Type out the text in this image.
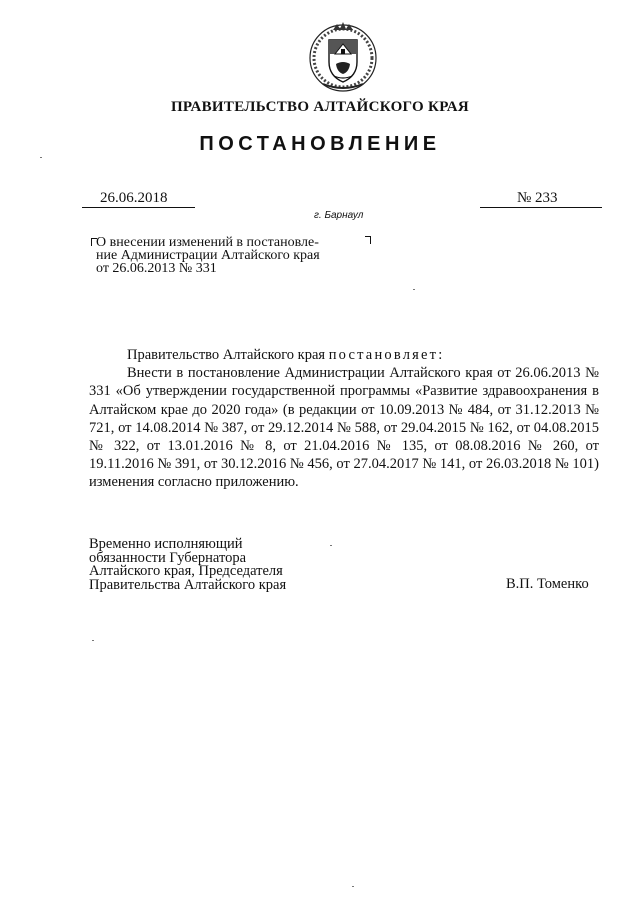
ПРАВИТЕЛЬСТВО АЛТАЙСКОГО КРАЯ
ПОСТАНОВЛЕНИЕ
26.06.2018	№ 233
г. Барнаул
О внесении изменений в постановле-
ние Администрации Алтайского края
от 26.06.2013 № 331

Правительство Алтайского края постановляет:

Внести в постановление Администрации Алтайского края от 26.06.2013 № 331 «Об утверждении государственной программы «Развитие здравоохранения в Алтайском крае до 2020 года» (в редакции от 10.09.2013 № 484, от 31.12.2013 № 721, от 14.08.2014 № 387, от 29.12.2014 № 588, от 29.04.2015 № 162, от 04.08.2015 № 322, от 13.01.2016 № 8, от 21.04.2016 № 135, от 08.08.2016 № 260, от 19.11.2016 № 391, от 30.12.2016 № 456, от 27.04.2017 № 141, от 26.03.2018 № 101) изменения согласно приложению.

Временно исполняющий
обязанности Губернатора
Алтайского края, Председателя
Правительства Алтайского края	В.П. Томенко
